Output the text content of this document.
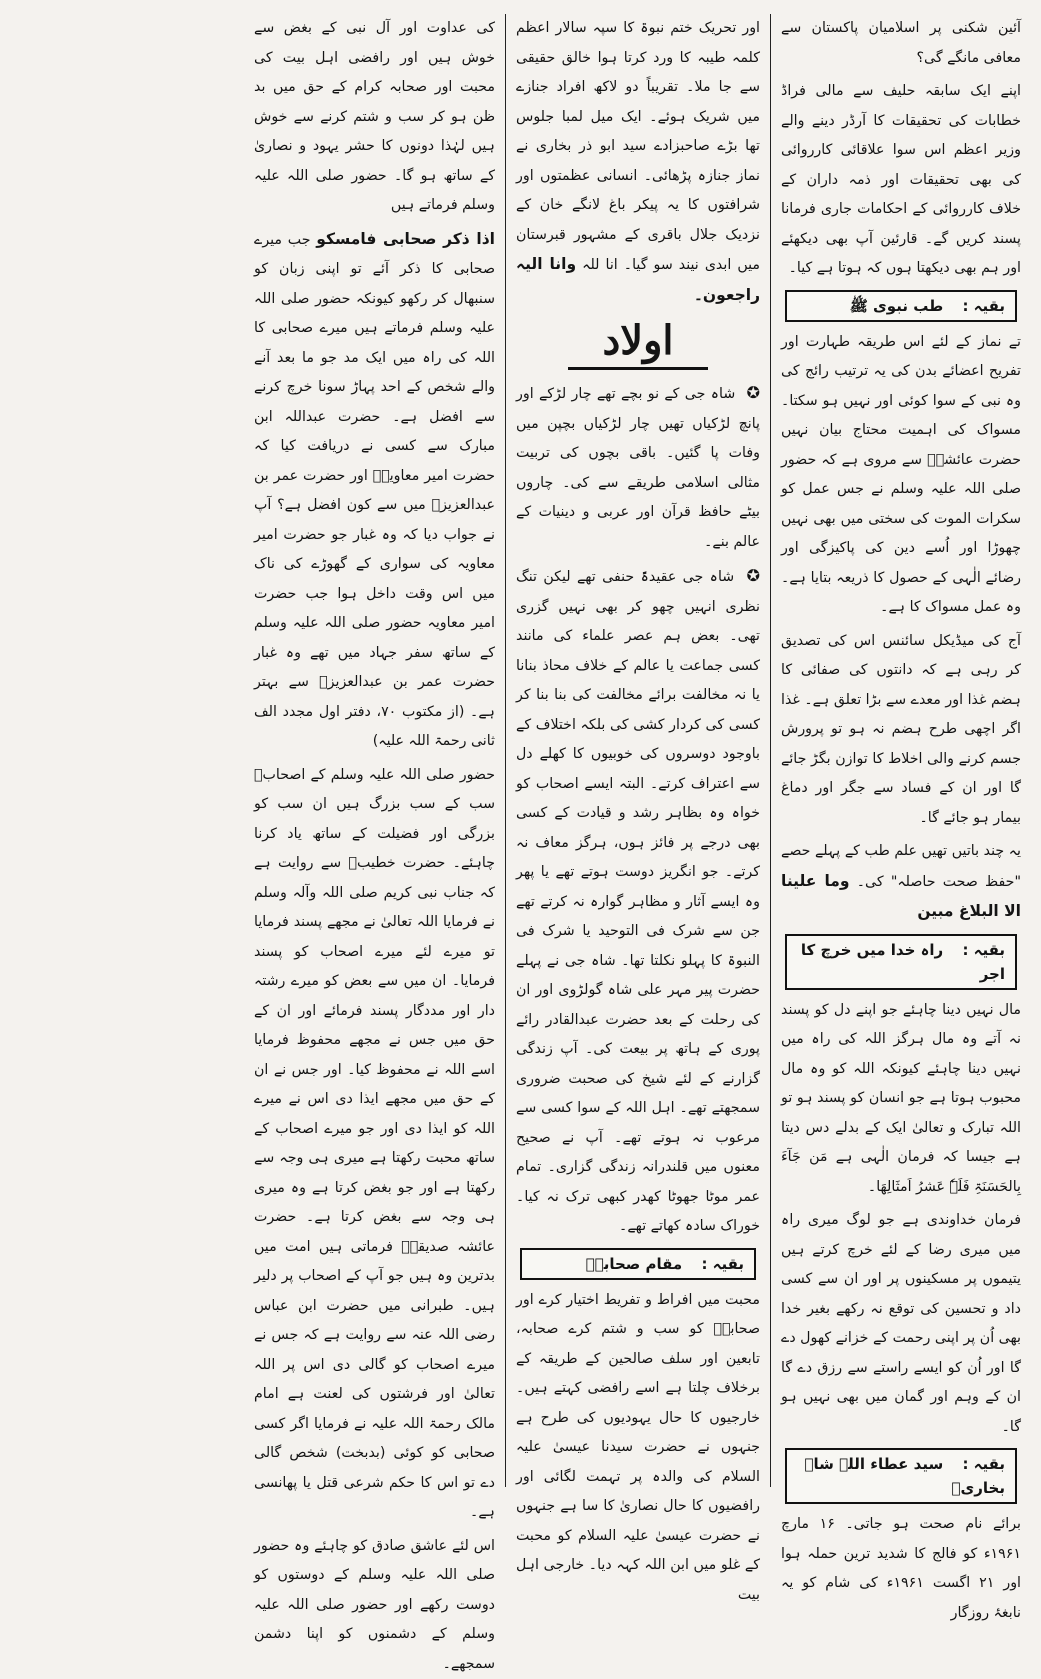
آئین شکنی پر اسلامیان پاکستان سے معافی مانگے گی؟

اپنے ایک سابقہ حلیف سے مالی فراڈ خطابات کی تحقیقات کا آرڈر دینے والے وزیر اعظم اس سوا علاقائی کارروائی کی بھی تحقیقات اور ذمہ داران کے خلاف کارروائی کے احکامات جاری فرمانا پسند کریں گے۔ قارئین آپ بھی دیکھئے اور ہم بھی دیکھتا ہوں کہ ہوتا ہے کیا۔

بقیہ : طب نبوی ﷺ

تے نماز کے لئے اس طریقہ طہارت اور تفریح اعضائے بدن کی یہ ترتیب رائج کی وہ نبی کے سوا کوئی اور نہیں ہو سکتا۔ مسواک کی اہمیت محتاج بیان نہیں حضرت عائشہؓ سے مروی ہے کہ حضور صلی اللہ علیہ وسلم نے جس عمل کو سکرات الموت کی سختی میں بھی نہیں چھوڑا اور اُسے دین کی پاکیزگی اور رضائے الٰہی کے حصول کا ذریعہ بتایا ہے۔ وہ عمل مسواک کا ہے۔

آج کی میڈیکل سائنس اس کی تصدیق کر رہی ہے کہ دانتوں کی صفائی کا ہضم غذا اور معدے سے بڑا تعلق ہے۔ غذا اگر اچھی طرح ہضم نہ ہو تو پرورش جسم کرنے والی اخلاط کا توازن بگڑ جائے گا اور ان کے فساد سے جگر اور دماغ بیمار ہو جائے گا۔

یہ چند باتیں تھیں علم طب کے پہلے حصے "حفظ صحت حاصلہ" کی۔ وما علینا الا البلاغ مبین

بقیہ : راہ خدا میں خرچ کا اجر

مال نہیں دینا چاہئے جو اپنے دل کو پسند نہ آتے وہ مال ہرگز اللہ کی راہ میں نہیں دینا چاہئے کیونکہ اللہ کو وہ مال محبوب ہوتا ہے جو انسان کو پسند ہو تو اللہ تبارک و تعالیٰ ایک کے بدلے دس دیتا ہے جیسا کہ فرمان الٰہی ہے مَن جَآءَ بِالحَسَنَۃِ فَلَہٗ عَشرُ اَمثَالِھَا۔

فرمان خداوندی ہے جو لوگ میری راہ میں میری رضا کے لئے خرچ کرتے ہیں یتیموں پر مسکینوں پر اور ان سے کسی داد و تحسین کی توقع نہ رکھے بغیر خدا بھی اُن پر اپنی رحمت کے خزانے کھول دے گا اور اُن کو ایسے راستے سے رزق دے گا ان کے وہم اور گمان میں بھی نہیں ہو گا۔

بقیہ : سید عطاء اللہ شاہ بخاریؒ

برائے نام صحت ہو جاتی۔ ۱۶ مارچ ۱۹۶۱ء کو فالج کا شدید ترین حملہ ہوا اور ۲۱ اگست ۱۹۶۱ء کی شام کو یہ نابغۂ روزگار

اور تحریک ختم نبوۃ کا سپہ سالار اعظم کلمہ طیبہ کا ورد کرتا ہوا خالق حقیقی سے جا ملا۔ تقریباً دو لاکھ افراد جنازے میں شریک ہوئے۔ ایک میل لمبا جلوس تھا بڑے صاحبزادے سید ابو ذر بخاری نے نماز جنازہ پڑھائی۔ انسانی عظمتوں اور شرافتوں کا یہ پیکر باغ لانگے خان کے نزدیک جلال باقری کے مشہور قبرستان میں ابدی نیند سو گیا۔ انا للہ وانا الیہ راجعون۔

اولاد

✪ شاہ جی کے نو بچے تھے چار لڑکے اور پانچ لڑکیاں تھیں چار لڑکیاں بچپن میں وفات پا گئیں۔ باقی بچوں کی تربیت مثالی اسلامی طریقے سے کی۔ چاروں بیٹے حافظ قرآن اور عربی و دینیات کے عالم بنے۔

✪ شاہ جی عقیدۃً حنفی تھے لیکن تنگ نظری انہیں چھو کر بھی نہیں گزری تھی۔ بعض ہم عصر علماء کی مانند کسی جماعت یا عالم کے خلاف محاذ بنانا یا نہ مخالفت برائے مخالفت کی بنا بنا کر کسی کی کردار کشی کی بلکہ اختلاف کے باوجود دوسروں کی خوبیوں کا کھلے دل سے اعتراف کرتے۔ البتہ ایسے اصحاب کو خواہ وہ بظاہر رشد و قیادت کے کسی بھی درجے پر فائز ہوں، ہرگز معاف نہ کرتے۔ جو انگریز دوست ہوتے تھے یا پھر وہ ایسے آثار و مظاہر گوارہ نہ کرتے تھے جن سے شرک فی التوحید یا شرک فی النبوۃ کا پہلو نکلتا تھا۔ شاہ جی نے پہلے حضرت پیر مہر علی شاہ گولڑوی اور ان کی رحلت کے بعد حضرت عبدالقادر رائے پوری کے ہاتھ پر بیعت کی۔ آپ زندگی گزارنے کے لئے شیخ کی صحبت ضروری سمجھتے تھے۔ اہل اللہ کے سوا کسی سے مرعوب نہ ہوتے تھے۔ آپ نے صحیح معنوں میں قلندرانہ زندگی گزاری۔ تمام عمر موٹا جھوٹا کھدر کبھی ترک نہ کیا۔ خوراک سادہ کھاتے تھے۔

بقیہ : مقام صحابہؓ

محبت میں افراط و تفریط اختیار کرے اور صحابہؓ کو سب و شتم کرے صحابہ، تابعین اور سلف صالحین کے طریقہ کے برخلاف چلتا ہے اسے رافضی کہتے ہیں۔ خارجیوں کا حال یہودیوں کی طرح ہے جنہوں نے حضرت سیدنا عیسیٰ علیہ السلام کی والدہ پر تہمت لگائی اور رافضیوں کا حال نصاریٰ کا سا ہے جنہوں نے حضرت عیسیٰ علیہ السلام کو محبت کے غلو میں ابن اللہ کہہ دیا۔ خارجی اہل بیت

کی عداوت اور آل نبی کے بغض سے خوش ہیں اور رافضی اہل بیت کی محبت اور صحابہ کرام کے حق میں بد ظن ہو کر سب و شتم کرنے سے خوش ہیں لہٰذا دونوں کا حشر یہود و نصاریٰ کے ساتھ ہو گا۔ حضور صلی اللہ علیہ وسلم فرماتے ہیں

اذا ذکر صحابی فامسکو جب میرے صحابی کا ذکر آئے تو اپنی زبان کو سنبھال کر رکھو کیونکہ حضور صلی اللہ علیہ وسلم فرماتے ہیں میرے صحابی کا اللہ کی راہ میں ایک مد جو ما بعد آنے والے شخص کے احد پہاڑ سونا خرچ کرنے سے افضل ہے۔ حضرت عبداللہ ابن مبارک سے کسی نے دریافت کیا کہ حضرت امیر معاویہؓ اور حضرت عمر بن عبدالعزیزؒ میں سے کون افضل ہے؟ آپ نے جواب دیا کہ وہ غبار جو حضرت امیر معاویہ کی سواری کے گھوڑے کی ناک میں اس وقت داخل ہوا جب حضرت امیر معاویہ حضور صلی اللہ علیہ وسلم کے ساتھ سفر جہاد میں تھے وہ غبار حضرت عمر بن عبدالعزیزؒ سے بہتر ہے۔ (از مکتوب ۷۰، دفتر اول مجدد الف ثانی رحمۃ اللہ علیہ)

حضور صلی اللہ علیہ وسلم کے اصحابؓ سب کے سب بزرگ ہیں ان سب کو بزرگی اور فضیلت کے ساتھ یاد کرنا چاہئے۔ حضرت خطیبؓ سے روایت ہے کہ جناب نبی کریم صلی اللہ وآلہ وسلم نے فرمایا اللہ تعالیٰ نے مجھے پسند فرمایا تو میرے لئے میرے اصحاب کو پسند فرمایا۔ ان میں سے بعض کو میرے رشتہ دار اور مددگار پسند فرمائے اور ان کے حق میں جس نے مجھے محفوظ فرمایا اسے اللہ نے محفوظ کیا۔ اور جس نے ان کے حق میں مجھے ایذا دی اس نے میرے اللہ کو ایذا دی اور جو میرے اصحاب کے ساتھ محبت رکھتا ہے میری ہی وجہ سے رکھتا ہے اور جو بغض کرتا ہے وہ میری ہی وجہ سے بغض کرتا ہے۔ حضرت عائشہ صدیقہؓ فرماتی ہیں امت میں بدترین وہ ہیں جو آپ کے اصحاب پر دلیر ہیں۔ طبرانی میں حضرت ابن عباس رضی اللہ عنہ سے روایت ہے کہ جس نے میرے اصحاب کو گالی دی اس پر اللہ تعالیٰ اور فرشتوں کی لعنت ہے امام مالک رحمۃ اللہ علیہ نے فرمایا اگر کسی صحابی کو کوئی (بدبخت) شخص گالی دے تو اس کا حکم شرعی قتل یا پھانسی ہے۔

اس لئے عاشق صادق کو چاہئے وہ حضور صلی اللہ علیہ وسلم کے دوستوں کو دوست رکھے اور حضور صلی اللہ علیہ وسلم کے دشمنوں کو اپنا دشمن سمجھے۔
